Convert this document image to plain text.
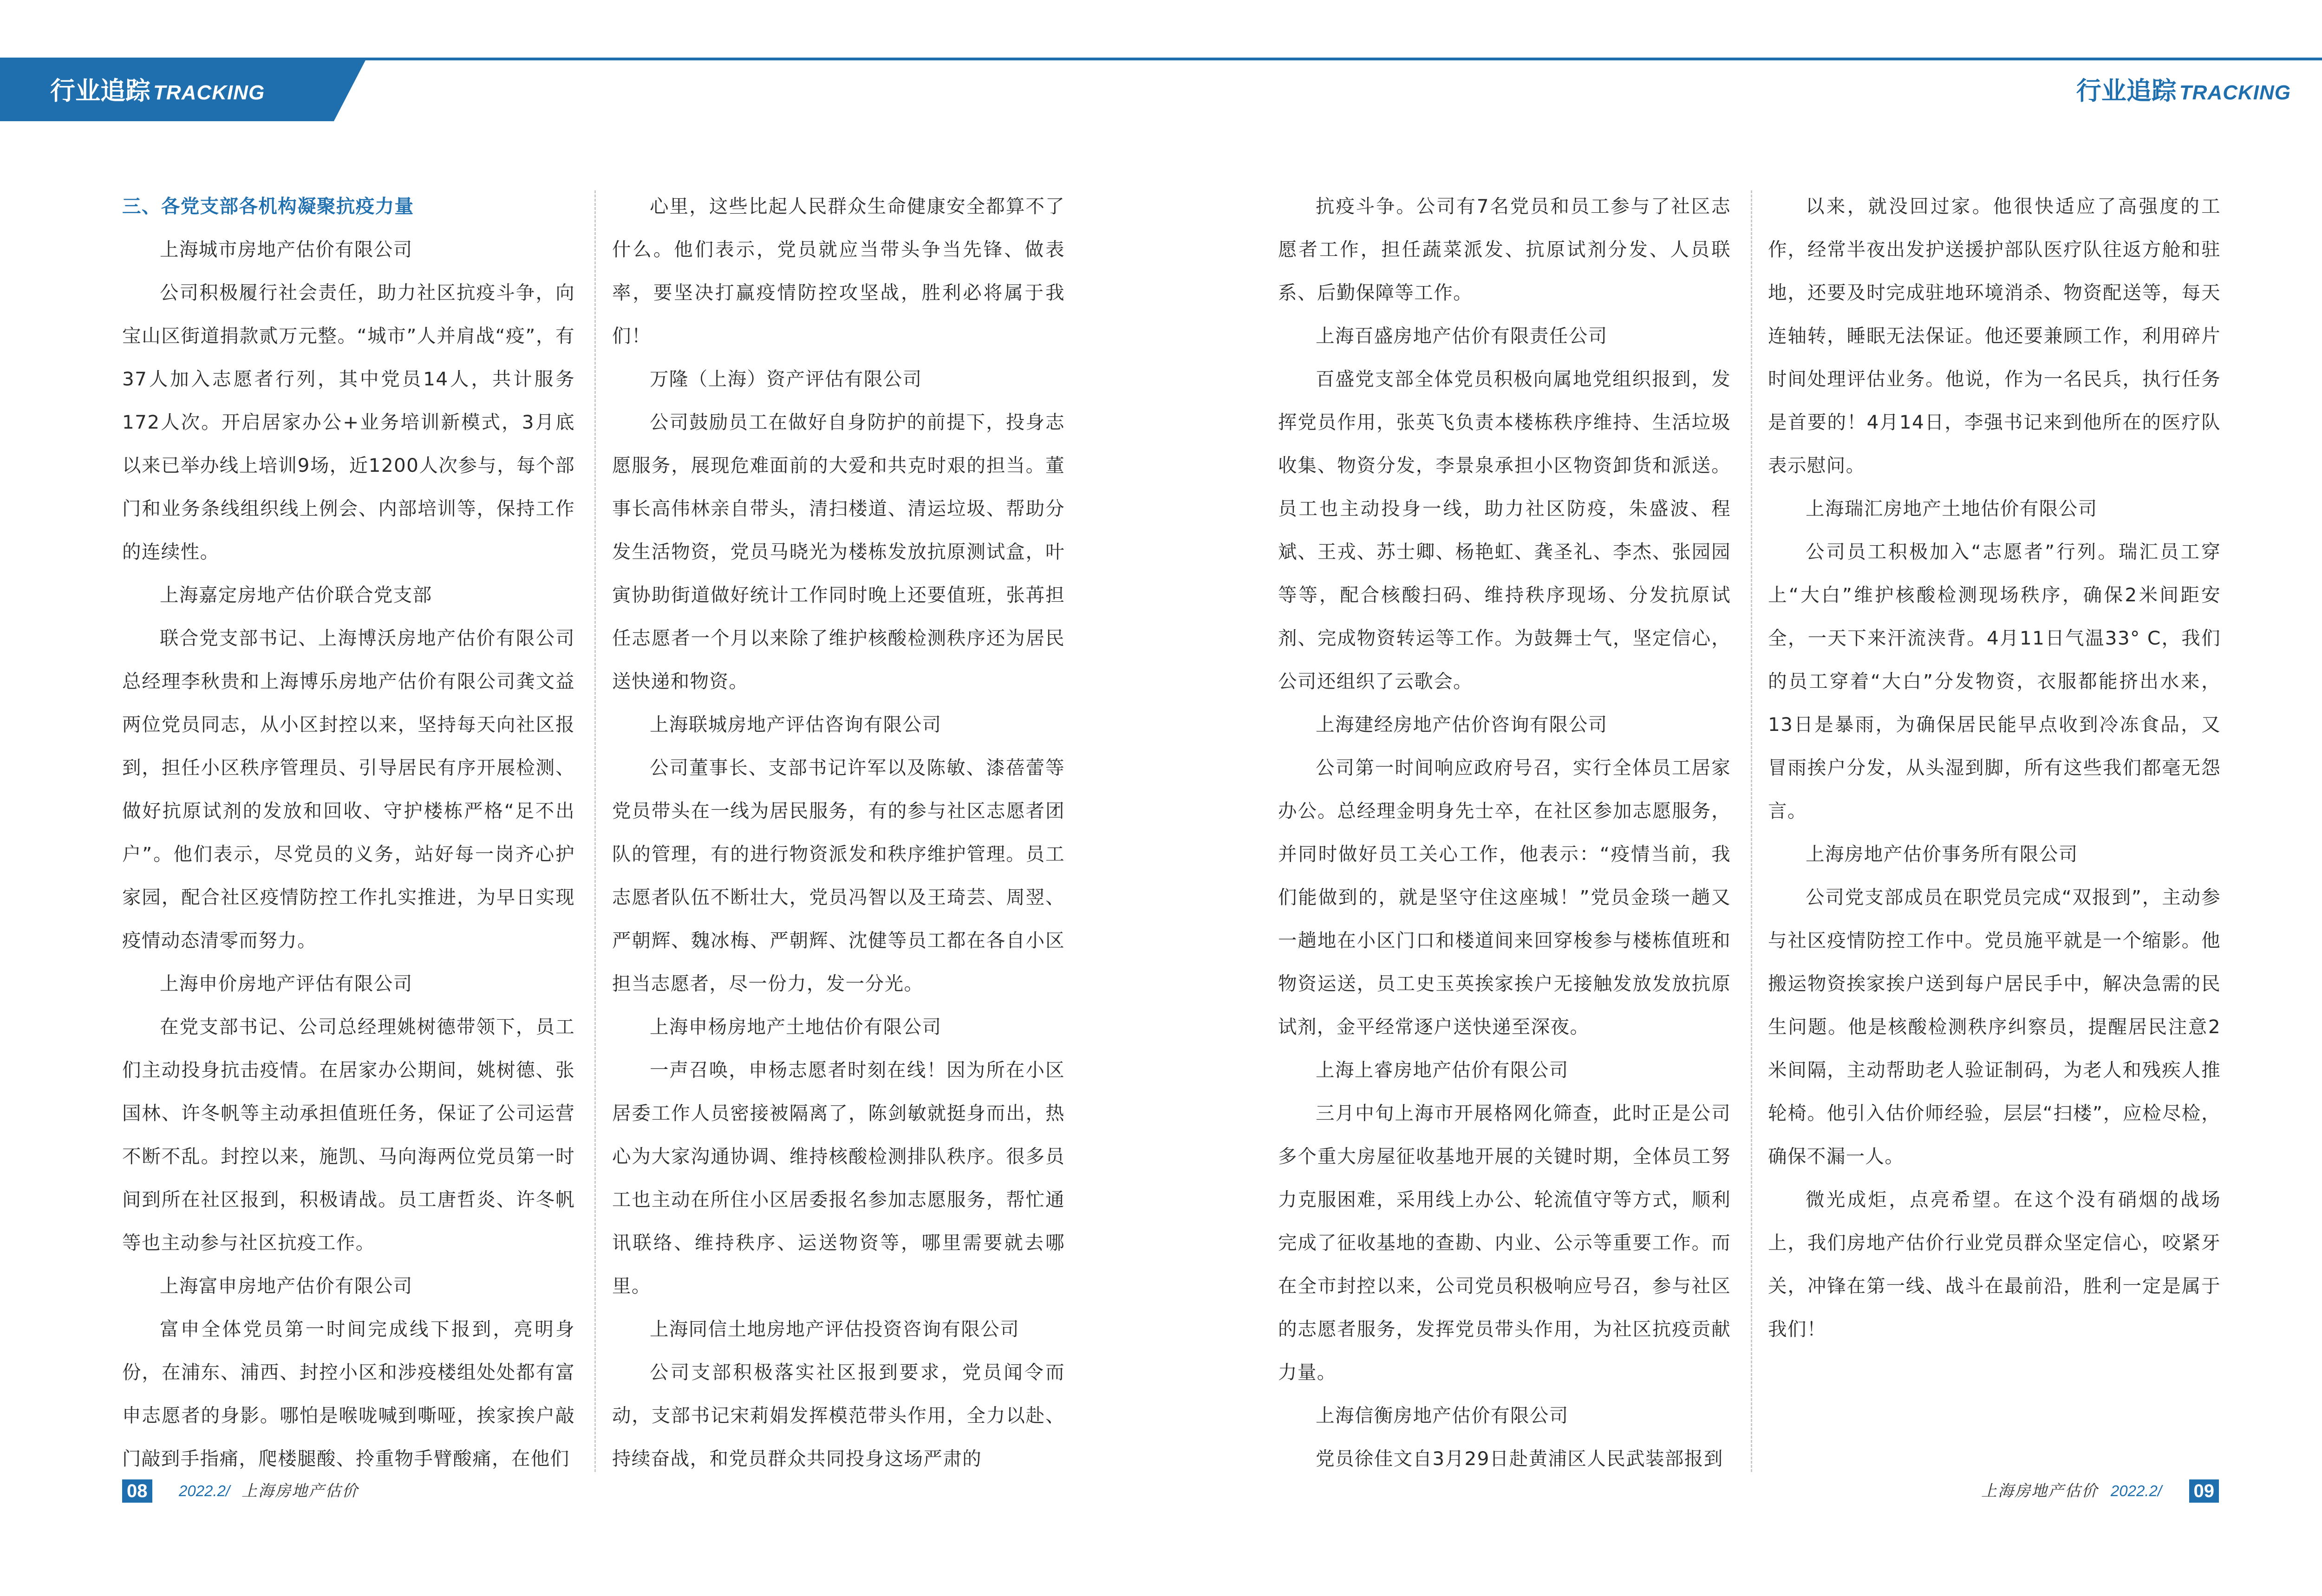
行业追踪 TRACKING	行业追踪 TRACKING

三、各党支部各机构凝聚抗疫力量

上海城市房地产估价有限公司

公司积极履行社会责任，助力社区抗疫斗争，向宝山区街道捐款贰万元整。“城市”人并肩战“疫”，有37人加入志愿者行列，其中党员14人，共计服务172人次。开启居家办公+业务培训新模式，3月底以来已举办线上培训9场，近1200人次参与，每个部门和业务条线组织线上例会、内部培训等，保持工作的连续性。

上海嘉定房地产估价联合党支部

联合党支部书记、上海博沃房地产估价有限公司总经理李秋贵和上海博乐房地产估价有限公司龚文益两位党员同志，从小区封控以来，坚持每天向社区报到，担任小区秩序管理员、引导居民有序开展检测、做好抗原试剂的发放和回收、守护楼栋严格“足不出户”。他们表示，尽党员的义务，站好每一岗齐心护家园，配合社区疫情防控工作扎实推进，为早日实现疫情动态清零而努力。

上海申价房地产评估有限公司

在党支部书记、公司总经理姚树德带领下，员工们主动投身抗击疫情。在居家办公期间，姚树德、张国林、许冬帆等主动承担值班任务，保证了公司运营不断不乱。封控以来，施凯、马向海两位党员第一时间到所在社区报到，积极请战。员工唐哲炎、许冬帆等也主动参与社区抗疫工作。

上海富申房地产估价有限公司

富申全体党员第一时间完成线下报到，亮明身份，在浦东、浦西、封控小区和涉疫楼组处处都有富申志愿者的身影。哪怕是喉咙喊到嘶哑，挨家挨户敲门敲到手指痛，爬楼腿酸、拎重物手臂酸痛，在他们

心里，这些比起人民群众生命健康安全都算不了什么。他们表示，党员就应当带头争当先锋、做表率，要坚决打赢疫情防控攻坚战，胜利必将属于我们！

万隆（上海）资产评估有限公司

公司鼓励员工在做好自身防护的前提下，投身志愿服务，展现危难面前的大爱和共克时艰的担当。董事长高伟林亲自带头，清扫楼道、清运垃圾、帮助分发生活物资，党员马晓光为楼栋发放抗原测试盒，叶寅协助街道做好统计工作同时晚上还要值班，张苒担任志愿者一个月以来除了维护核酸检测秩序还为居民送快递和物资。

上海联城房地产评估咨询有限公司

公司董事长、支部书记许军以及陈敏、漆蓓蕾等党员带头在一线为居民服务，有的参与社区志愿者团队的管理，有的进行物资派发和秩序维护管理。员工志愿者队伍不断壮大，党员冯智以及王琦芸、周翌、严朝辉、魏冰梅、严朝辉、沈健等员工都在各自小区担当志愿者，尽一份力，发一分光。

上海申杨房地产土地估价有限公司

一声召唤，申杨志愿者时刻在线！因为所在小区居委工作人员密接被隔离了，陈剑敏就挺身而出，热心为大家沟通协调、维持核酸检测排队秩序。很多员工也主动在所住小区居委报名参加志愿服务，帮忙通讯联络、维持秩序、运送物资等，哪里需要就去哪里。

上海同信土地房地产评估投资咨询有限公司

公司支部积极落实社区报到要求，党员闻令而动，支部书记宋莉娟发挥模范带头作用，全力以赴、持续奋战，和党员群众共同投身这场严肃的

抗疫斗争。公司有7名党员和员工参与了社区志愿者工作，担任蔬菜派发、抗原试剂分发、人员联系、后勤保障等工作。

上海百盛房地产估价有限责任公司

百盛党支部全体党员积极向属地党组织报到，发挥党员作用，张英飞负责本楼栋秩序维持、生活垃圾收集、物资分发，李景泉承担小区物资卸货和派送。员工也主动投身一线，助力社区防疫，朱盛波、程斌、王戎、苏士卿、杨艳虹、龚圣礼、李杰、张园园等等，配合核酸扫码、维持秩序现场、分发抗原试剂、完成物资转运等工作。为鼓舞士气，坚定信心，公司还组织了云歌会。

上海建经房地产估价咨询有限公司

公司第一时间响应政府号召，实行全体员工居家办公。总经理金明身先士卒，在社区参加志愿服务，并同时做好员工关心工作，他表示：“疫情当前，我们能做到的，就是坚守住这座城！”党员金琰一趟又一趟地在小区门口和楼道间来回穿梭参与楼栋值班和物资运送，员工史玉英挨家挨户无接触发放发放抗原试剂，金平经常逐户送快递至深夜。

上海上睿房地产估价有限公司

三月中旬上海市开展格网化筛查，此时正是公司多个重大房屋征收基地开展的关键时期，全体员工努力克服困难，采用线上办公、轮流值守等方式，顺利完成了征收基地的查勘、内业、公示等重要工作。而在全市封控以来，公司党员积极响应号召，参与社区的志愿者服务，发挥党员带头作用，为社区抗疫贡献力量。

上海信衡房地产估价有限公司

党员徐佳文自3月29日赴黄浦区人民武装部报到

以来，就没回过家。他很快适应了高强度的工作，经常半夜出发护送援护部队医疗队往返方舱和驻地，还要及时完成驻地环境消杀、物资配送等，每天连轴转，睡眠无法保证。他还要兼顾工作，利用碎片时间处理评估业务。他说，作为一名民兵，执行任务是首要的！4月14日，李强书记来到他所在的医疗队表示慰问。

上海瑞汇房地产土地估价有限公司

公司员工积极加入“志愿者”行列。瑞汇员工穿上“大白”维护核酸检测现场秩序，确保2米间距安全，一天下来汗流浃背。4月11日气温33° C，我们的员工穿着“大白”分发物资，衣服都能挤出水来，13日是暴雨，为确保居民能早点收到冷冻食品，又冒雨挨户分发，从头湿到脚，所有这些我们都毫无怨言。

上海房地产估价事务所有限公司

公司党支部成员在职党员完成“双报到”，主动参与社区疫情防控工作中。党员施平就是一个缩影。他搬运物资挨家挨户送到每户居民手中，解决急需的民生问题。他是核酸检测秩序纠察员，提醒居民注意2米间隔，主动帮助老人验证制码，为老人和残疾人推轮椅。他引入估价师经验，层层“扫楼”，应检尽检，确保不漏一人。

微光成炬，点亮希望。在这个没有硝烟的战场上，我们房地产估价行业党员群众坚定信心，咬紧牙关，冲锋在第一线、战斗在最前沿，胜利一定是属于我们！

08	2022.2/ 上海房地产估价	上海房地产估价 2022.2/ 09
